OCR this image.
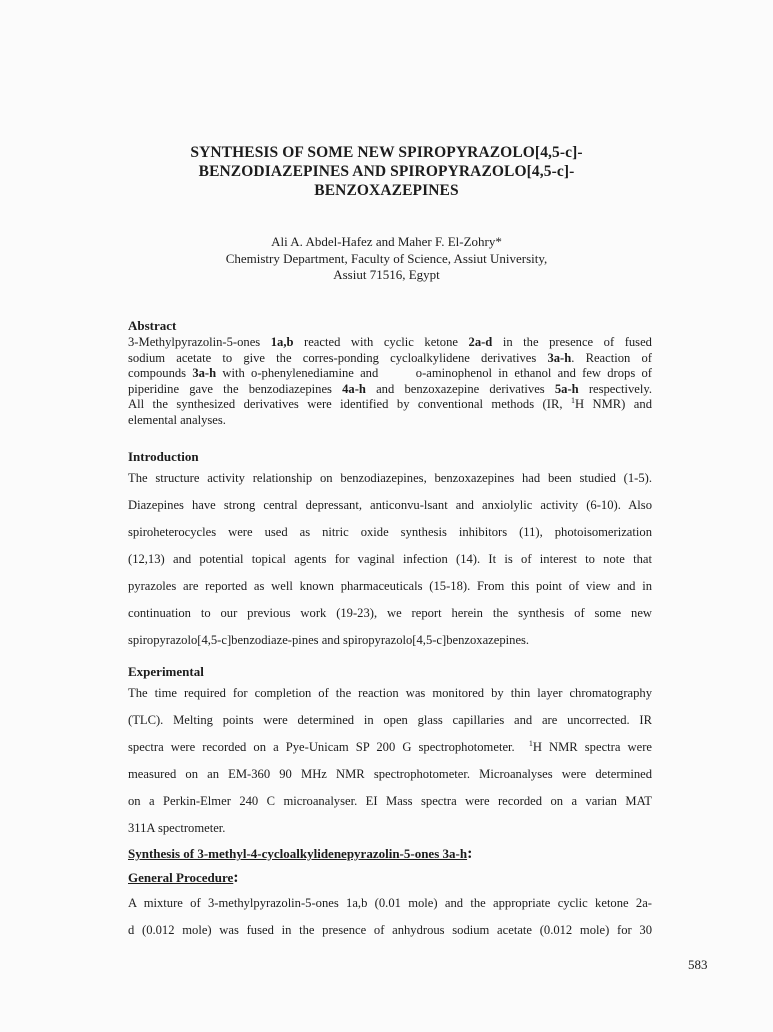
SYNTHESIS OF SOME NEW SPIROPYRAZOLO[4,5-c]-
BENZODIAZEPINES AND SPIROPYRAZOLO[4,5-c]-
BENZOXAZEPINES
Ali A. Abdel-Hafez and Maher F. El-Zohry*
Chemistry Department, Faculty of Science, Assiut University,
Assiut 71516, Egypt
Abstract
3-Methylpyrazolin-5-ones 1a,b reacted with cyclic ketone 2a-d in the presence of fused
sodium acetate to give the corres-ponding cycloalkylidene derivatives 3a-h. Reaction of
compounds 3a-h with o-phenylenediamine and      o-aminophenol in ethanol and few drops of
piperidine gave the benzodiazepines 4a-h and benzoxazepine derivatives 5a-h respectively.
All the synthesized derivatives were identified by conventional methods (IR, $^1$H NMR) and
elemental analyses.
Introduction
The structure activity relationship on benzodiazepines, benzoxazepines had been studied (1-5).
Diazepines have strong central depressant, anticonvu-lsant and anxiolylic activity (6-10). Also
spiroheterocycles were used as nitric oxide synthesis inhibitors (11), photoisomerization
(12,13) and potential topical agents for vaginal infection (14). It is of interest to note that
pyrazoles are reported as well known pharmaceuticals (15-18). From this point of view and in
continuation to our previous work (19-23), we report herein the synthesis of some new
spiropyrazolo[4,5-c]benzodiaze-pines and spiropyrazolo[4,5-c]benzoxazepines.
Experimental
The time required for completion of the reaction was monitored by thin layer chromatography
(TLC). Melting points were determined in open glass capillaries and are uncorrected. IR
spectra were recorded on a Pye-Unicam SP 200 G spectrophotometer.  $^1$H NMR spectra were
measured on an EM-360 90 MHz NMR spectrophotometer. Microanalyses were determined
on a Perkin-Elmer 240 C microanalyser. EI Mass spectra were recorded on a varian MAT
311A spectrometer.
Synthesis of 3-methyl-4-cycloalkylidenepyrazolin-5-ones 3a-h:
General Procedure:
A mixture of 3-methylpyrazolin-5-ones 1a,b (0.01 mole) and the appropriate cyclic ketone 2a-
d (0.012 mole) was fused in the presence of anhydrous sodium acetate (0.012 mole) for 30
583
